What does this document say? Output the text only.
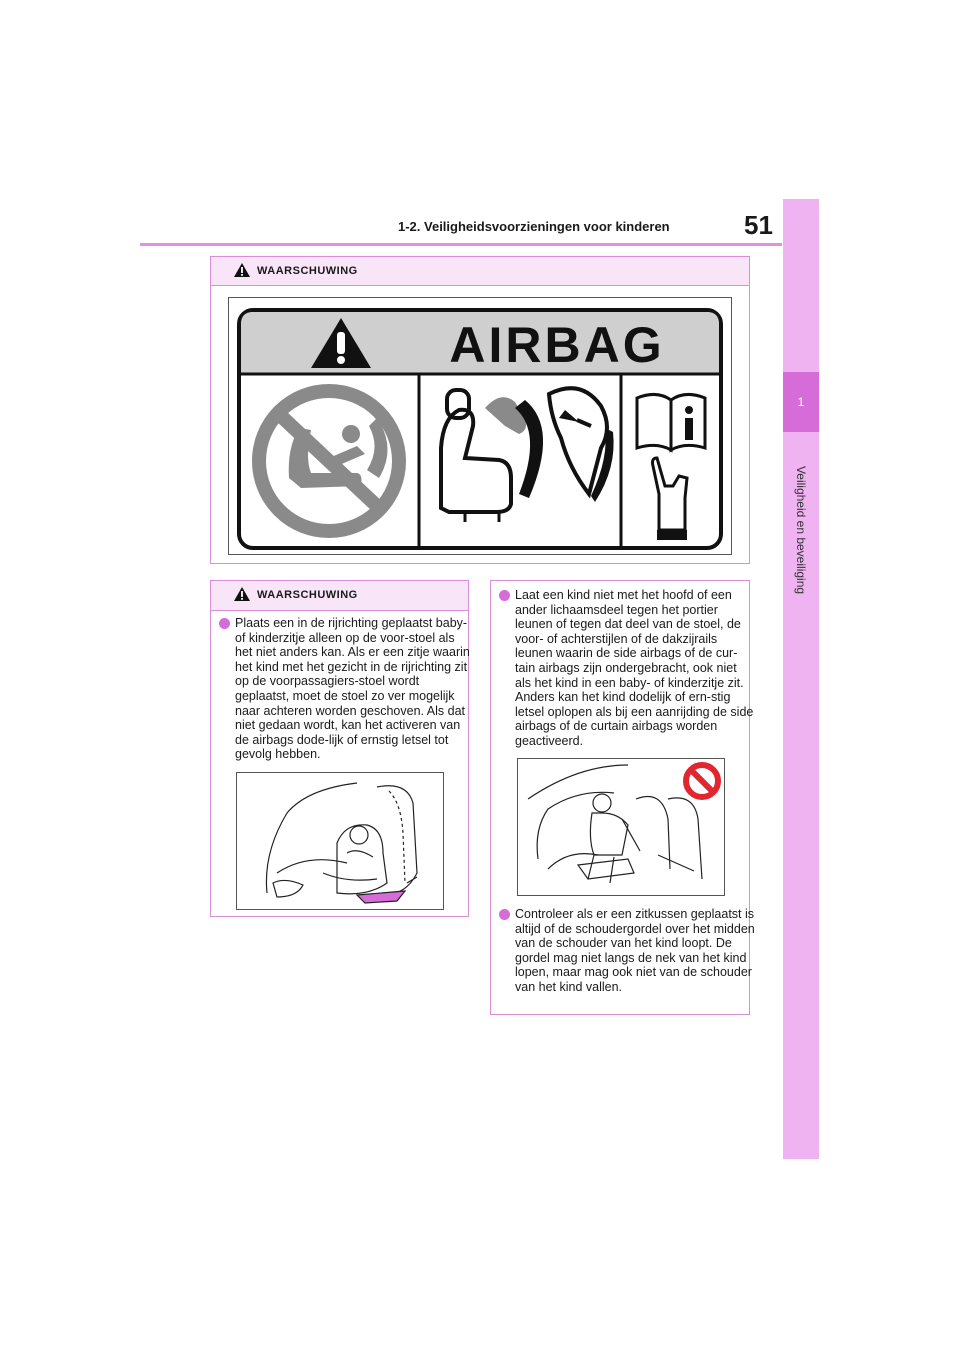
1-2. Veiligheidsvoorzieningen voor kinderen	51
1
Veiligheid en beveiliging
WAARSCHUWING
AIRBAG
WAARSCHUWING
Plaats een in de rijrichting geplaatst baby- of kinderzitje alleen op de voor-stoel als het niet anders kan. Als er een zitje waarin het kind met het gezicht in de rijrichting zit op de voorpassagiers-stoel wordt geplaatst, moet de stoel zo ver mogelijk naar achteren worden geschoven. Als dat niet gedaan wordt, kan het activeren van de airbags dode-lijk of ernstig letsel tot gevolg hebben.
Laat een kind niet met het hoofd of een ander lichaamsdeel tegen het portier leunen of tegen dat deel van de stoel, de voor- of achterstijlen of de dakzijrails leunen waarin de side airbags of de cur-tain airbags zijn ondergebracht, ook niet als het kind in een baby- of kinderzitje zit. Anders kan het kind dodelijk of ern-stig letsel oplopen als bij een aanrijding de side airbags of de curtain airbags worden geactiveerd.
Controleer als er een zitkussen geplaatst is altijd of de schoudergordel over het midden van de schouder van het kind loopt. De gordel mag niet langs de nek van het kind lopen, maar mag ook niet van de schouder van het kind vallen.
